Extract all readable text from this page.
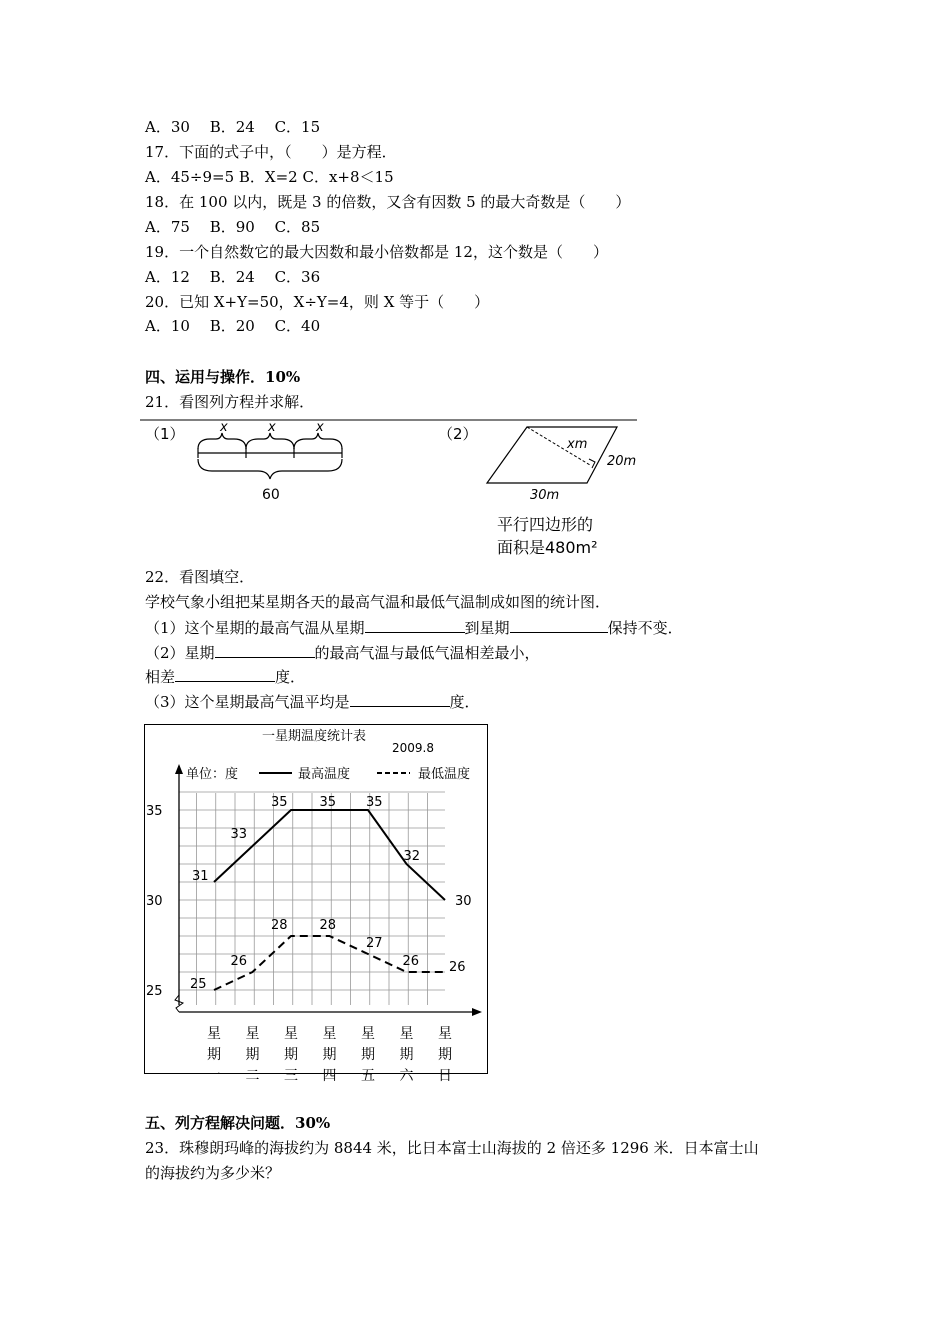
A．30　 B．24　 C．15
17．下面的式子中，（　　）是方程．
A．45÷9=5 B．X=2 C．x+8＜15
18．在 100 以内，既是 3 的倍数，又含有因数 5 的最大奇数是（　　）
A．75　 B．90　 C．85
19．一个自然数它的最大因数和最小倍数都是 12，这个数是（　　）
A．12　 B．24　 C．36
20．已知 X+Y=50，X÷Y=4，则 X 等于（　　）
A．10　 B．20　 C．40
四、运用与操作．10%
21．看图列方程并求解．
（1）	x	x	x
60
（2）
xm
20m
30m
平行四边形的
面积是480m²
22．看图填空．
学校气象小组把某星期各天的最高气温和最低气温制成如图的统计图．
（1）这个星期的最高气温从星期	到星期	保持不变．
（2）星期	的最高气温与最低气温相差最小，
相差	度．
（3）这个星期最高气温平均是	度．
一星期温度统计表
2009.8
单位：度	最高温度	最低温度
25
30
35
星
期
一
星
期
二
星
期
三
星
期
四
星
期
五
星
期
六
星
期
日
31
33
35 35 35
32
30
25
26
28 28
27
26 26
五、列方程解决问题．30%
23．珠穆朗玛峰的海拔约为 8844 米，比日本富士山海拔的 2 倍还多 1296 米．日本富士山
的海拔约为多少米？
